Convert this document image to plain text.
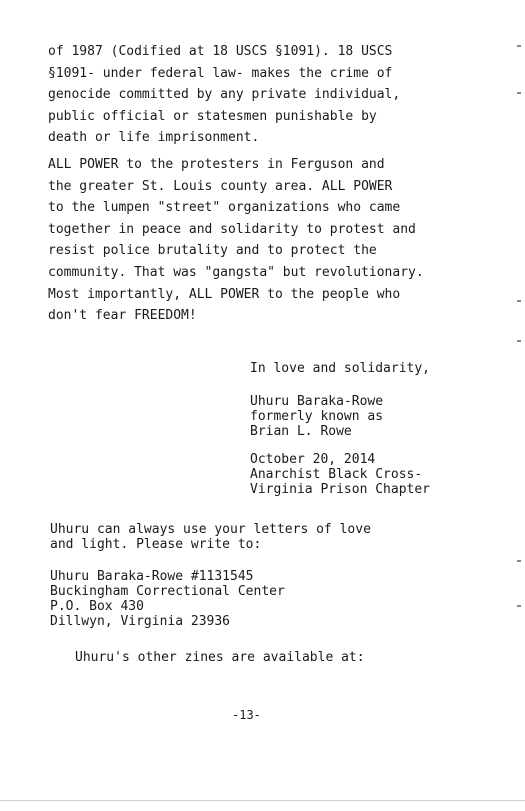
of 1987 (Codified at 18 USCS §1091). 18 USCS
§1091- under federal law- makes the crime of
genocide committed by any private individual,
public official or statesmen punishable by
death or life imprisonment.

ALL POWER to the protesters in Ferguson and
the greater St. Louis county area. ALL POWER
to the lumpen "street" organizations who came
together in peace and solidarity to protest and
resist police brutality and to protect the
community. That was "gangsta" but revolutionary.
Most importantly, ALL POWER to the people who
don't fear FREEDOM!

In love and solidarity,

Uhuru Baraka-Rowe
formerly known as
Brian L. Rowe

October 20, 2014
Anarchist Black Cross-
Virginia Prison Chapter

Uhuru can always use your letters of love
and light. Please write to:

Uhuru Baraka-Rowe #1131545
Buckingham Correctional Center
P.O. Box 430
Dillwyn, Virginia 23936

Uhuru's other zines are available at:

-13-
